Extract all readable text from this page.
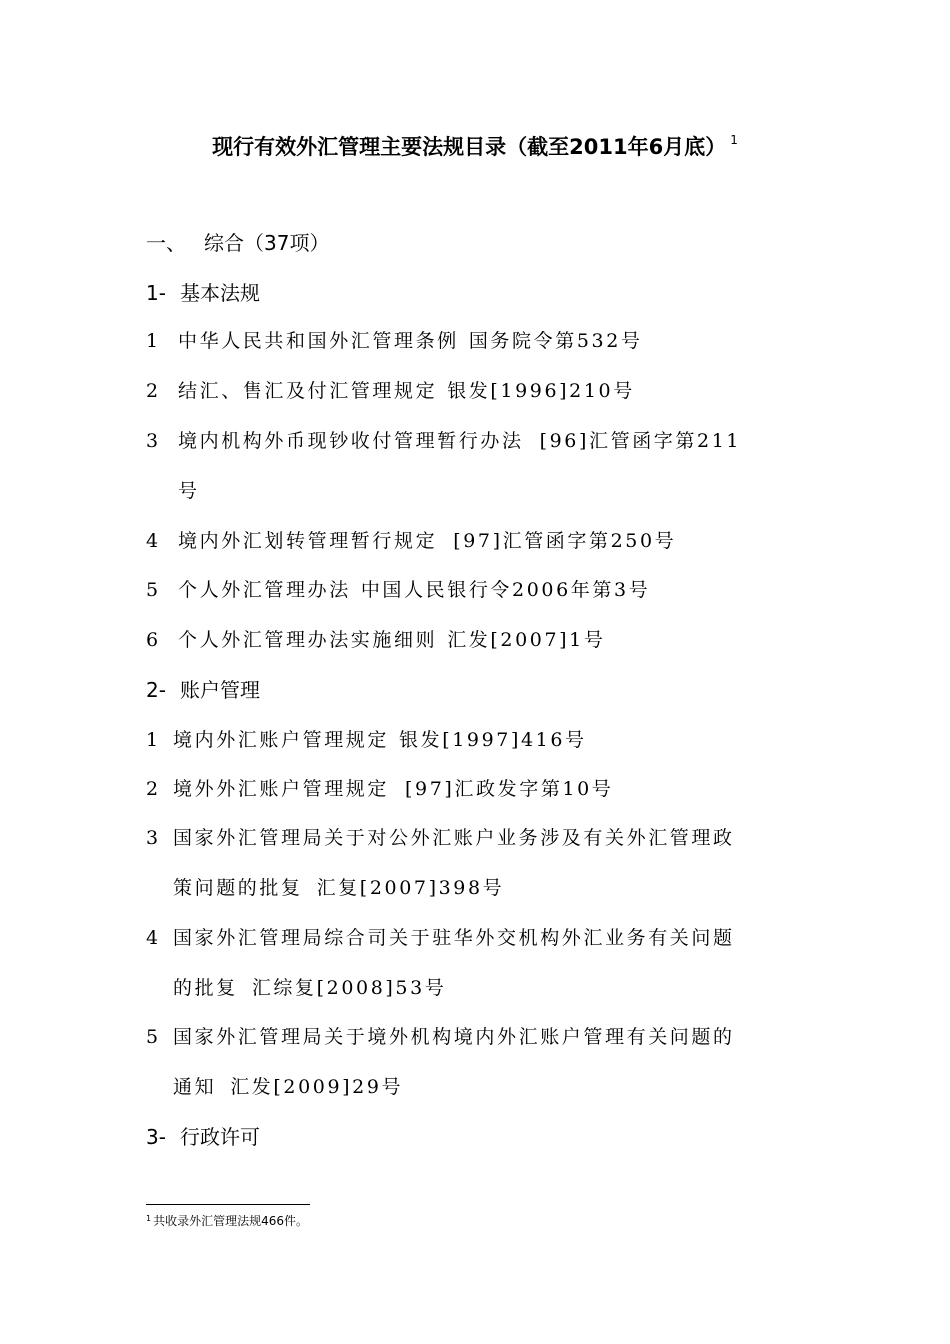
现行有效外汇管理主要法规目录（截至2011年6月底） $^1$
一、 综合（37项）
1- 基本法规
1 中华人民共和国外汇管理条例 国务院令第532号
2 结汇、售汇及付汇管理规定 银发[1996]210号
3 境内机构外币现钞收付管理暂行办法 [96]汇管函字第211
号
4 境内外汇划转管理暂行规定 [97]汇管函字第250号
5 个人外汇管理办法 中国人民银行令2006年第3号
6 个人外汇管理办法实施细则 汇发[2007]1号
2- 账户管理
1 境内外汇账户管理规定 银发[1997]416号
2 境外外汇账户管理规定 [97]汇政发字第10号
3 国家外汇管理局关于对公外汇账户业务涉及有关外汇管理政
策问题的批复 汇复[2007]398号
4 国家外汇管理局综合司关于驻华外交机构外汇业务有关问题
的批复 汇综复[2008]53号
5 国家外汇管理局关于境外机构境内外汇账户管理有关问题的
通知 汇发[2009]29号
3- 行政许可
$^1$ 共收录外汇管理法规466件。
